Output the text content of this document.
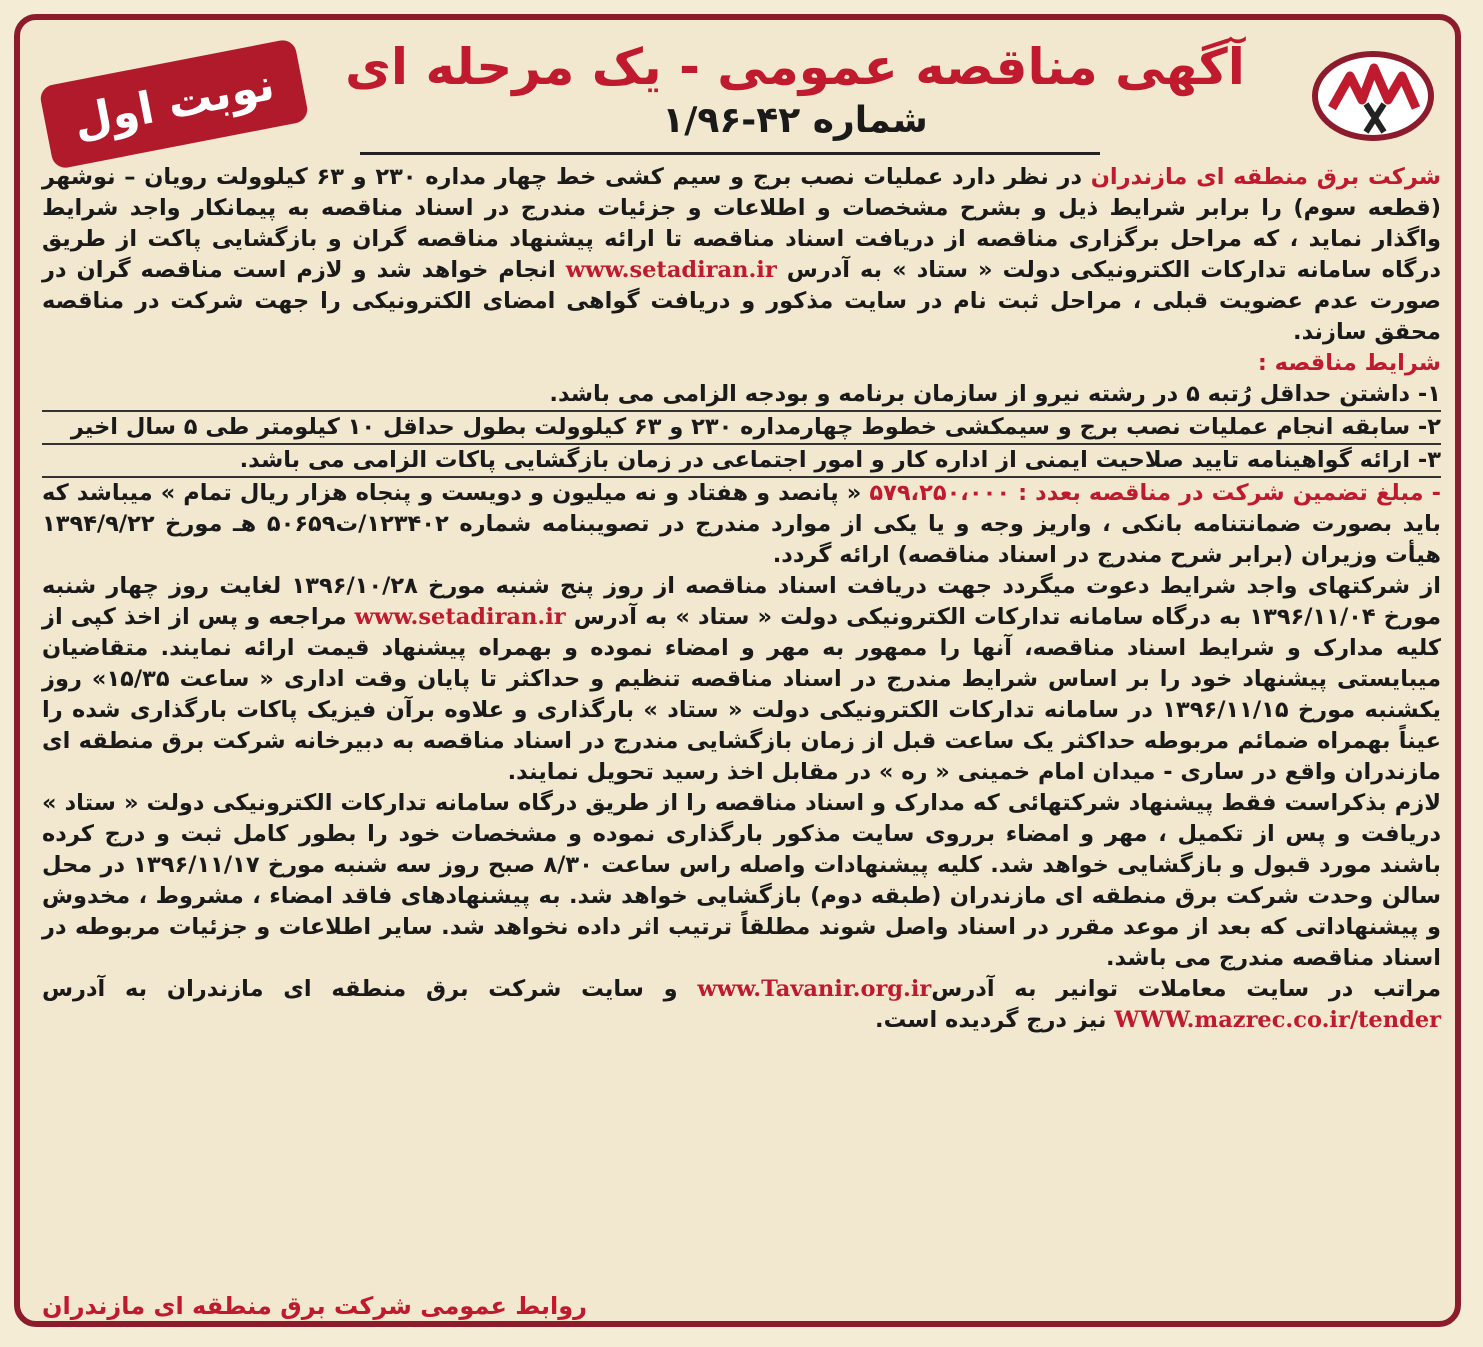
نوبت اول	آگهی مناقصه عمومی - یک مرحله ای
شماره ۴۲-۱/۹۶

شرکت برق منطقه ای مازندران در نظر دارد عملیات نصب برج و سیم کشی خط چهار مداره ۲۳۰ و ۶۳ کیلوولت رویان – نوشهر (قطعه سوم) را برابر شرایط ذیل و بشرح مشخصات و اطلاعات و جزئیات مندرج در اسناد مناقصه به پیمانکار واجد شرایط واگذار نماید ، که مراحل برگزاری مناقصه از دریافت اسناد مناقصه تا ارائه پیشنهاد مناقصه گران و بازگشایی پاکت از طریق درگاه سامانه تدارکات الکترونیکی دولت « ستاد » به آدرس www.setadiran.ir انجام خواهد شد و لازم است مناقصه گران در صورت عدم عضویت قبلی ، مراحل ثبت نام در سایت مذکور و دریافت گواهی امضای الکترونیکی را جهت شرکت در مناقصه محقق سازند.

شرایط مناقصه :

۱- داشتن حداقل رُتبه ۵ در رشته نیرو از سازمان برنامه و بودجه الزامی می باشد.

۲- سابقه انجام عملیات نصب برج و سیمکشی خطوط چهارمداره ۲۳۰ و ۶۳ کیلوولت بطول حداقل ۱۰ کیلومتر طی ۵ سال اخیر

۳- ارائه گواهینامه تایید صلاحیت ایمنی از اداره کار و امور اجتماعی در زمان بازگشایی پاکات الزامی می باشد.

- مبلغ تضمین شرکت در مناقصه بعدد : ۵۷۹،۲۵۰،۰۰۰ « پانصد و هفتاد و نه میلیون و دویست و پنجاه هزار ریال تمام » میباشد که باید بصورت ضمانتنامه بانکی ، واریز وجه و یا یکی از موارد مندرج در تصویبنامه شماره ۱۲۳۴۰۲/ت۵۰۶۵۹ هـ مورخ ۱۳۹۴/۹/۲۲ هیأت وزیران (برابر شرح مندرج در اسناد مناقصه) ارائه گردد.

از شرکتهای واجد شرایط دعوت میگردد جهت دریافت اسناد مناقصه از روز پنج شنبه مورخ ۱۳۹۶/۱۰/۲۸ لغایت روز چهار شنبه مورخ ۱۳۹۶/۱۱/۰۴ به درگاه سامانه تدارکات الکترونیکی دولت « ستاد » به آدرس www.setadiran.ir مراجعه و پس از اخذ کپی از کلیه مدارک و شرایط اسناد مناقصه، آنها را ممهور به مهر و امضاء نموده و بهمراه پیشنهاد قیمت ارائه نمایند. متقاضیان میبایستی پیشنهاد خود را بر اساس شرایط مندرج در اسناد مناقصه تنظیم و حداکثر تا پایان وقت اداری « ساعت ۱۵/۳۵» روز یکشنبه مورخ ۱۳۹۶/۱۱/۱۵ در سامانه تدارکات الکترونیکی دولت « ستاد » بارگذاری و علاوه برآن فیزیک پاکات بارگذاری شده را عیناً بهمراه ضمائم مربوطه حداکثر یک ساعت قبل از زمان بازگشایی مندرج در اسناد مناقصه به دبیرخانه شرکت برق منطقه ای مازندران واقع در ساری - میدان امام خمینی « ره » در مقابل اخذ رسید تحویل نمایند.

لازم بذکراست فقط پیشنهاد شرکتهائی که مدارک و اسناد مناقصه را از طریق درگاه سامانه تدارکات الکترونیکی دولت « ستاد » دریافت و پس از تکمیل ، مهر و امضاء برروی سایت مذکور بارگذاری نموده و مشخصات خود را بطور کامل ثبت و درج کرده باشند مورد قبول و بازگشایی خواهد شد. کلیه پیشنهادات واصله راس ساعت ۸/۳۰ صبح روز سه شنبه مورخ ۱۳۹۶/۱۱/۱۷ در محل سالن وحدت شرکت برق منطقه ای مازندران (طبقه دوم) بازگشایی خواهد شد. به پیشنهادهای فاقد امضاء ، مشروط ، مخدوش و پیشنهاداتی که بعد از موعد مقرر در اسناد واصل شوند مطلقاً ترتیب اثر داده نخواهد شد. سایر اطلاعات و جزئیات مربوطه در اسناد مناقصه مندرج می باشد.

مراتب در سایت معاملات توانیر به آدرسwww.Tavanir.org.ir و سایت شرکت برق منطقه ای مازندران به آدرس WWW.mazrec.co.ir/tender نیز درج گردیده است.

روابط عمومی شرکت برق منطقه ای مازندران
